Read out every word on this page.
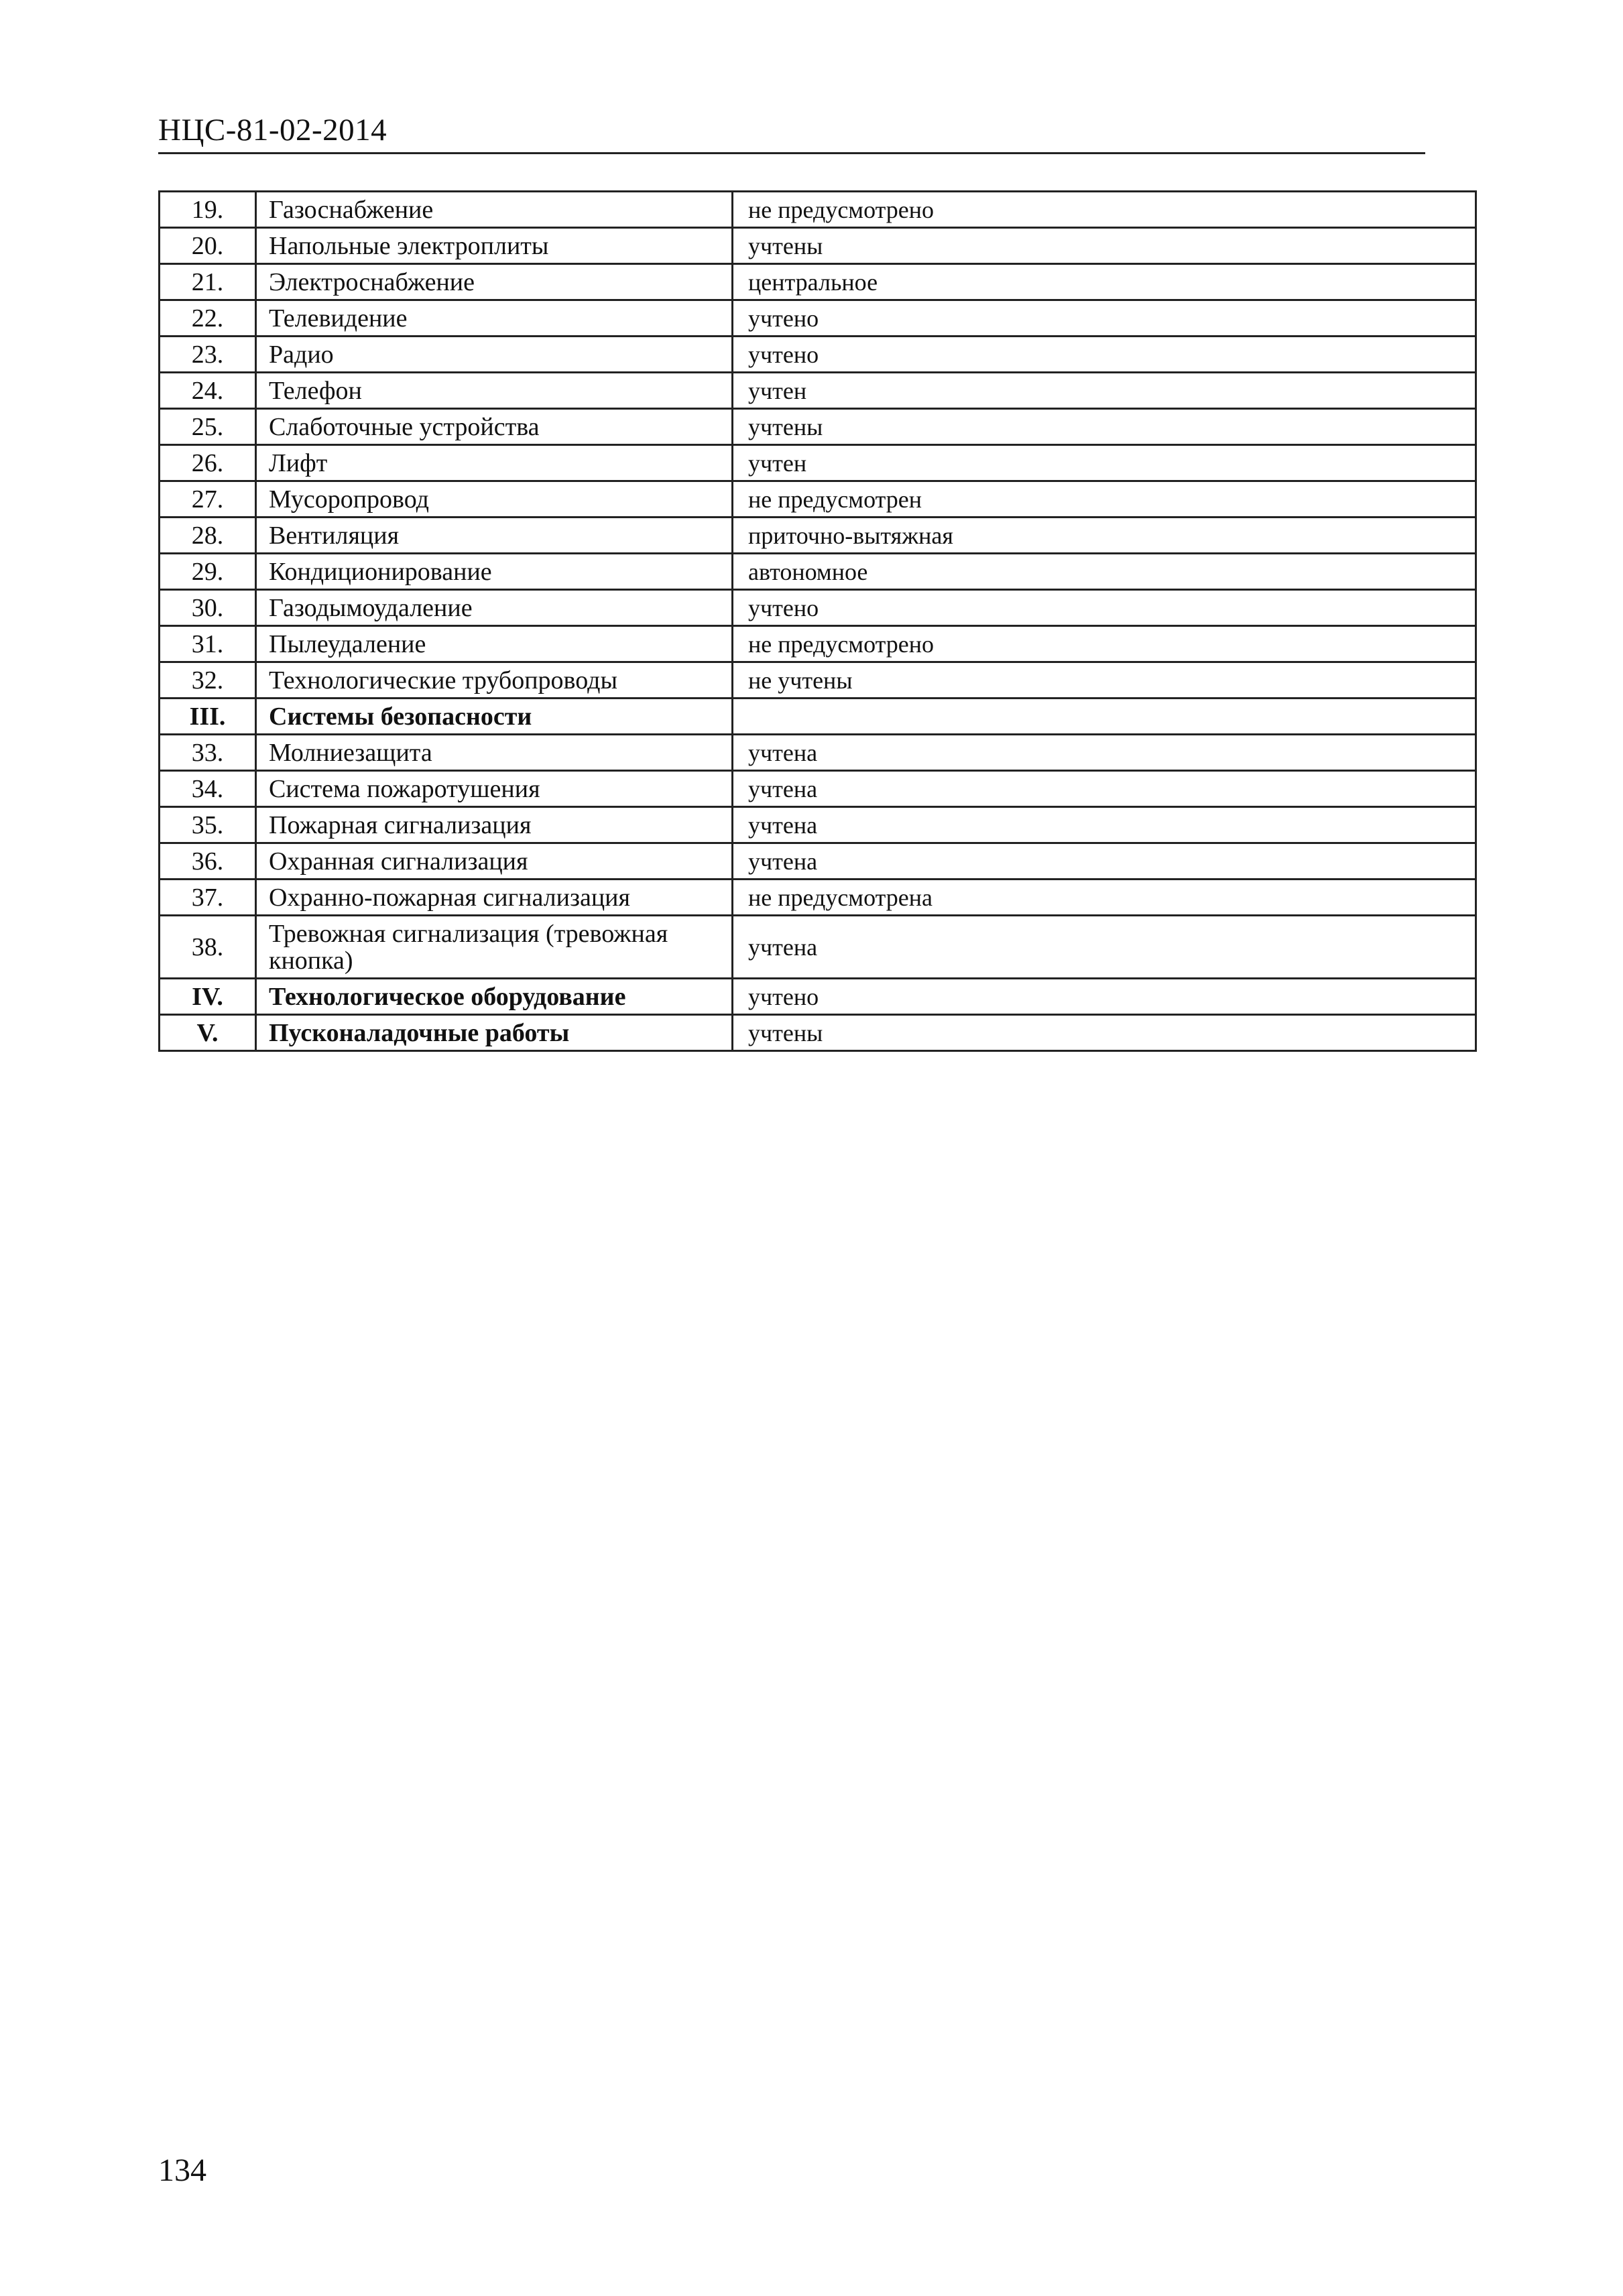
НЦС-81-02-2014
19.	Газоснабжение	не предусмотрено
20.	Напольные электроплиты	учтены
21.	Электроснабжение	центральное
22.	Телевидение	учтено
23.	Радио	учтено
24.	Телефон	учтен
25.	Слаботочные устройства	учтены
26.	Лифт	учтен
27.	Мусоропровод	не предусмотрен
28.	Вентиляция	приточно-вытяжная
29.	Кондиционирование	автономное
30.	Газодымоудаление	учтено
31.	Пылеудаление	не предусмотрено
32.	Технологические трубопроводы	не учтены
III.	Системы безопасности	
33.	Молниезащита	учтена
34.	Система пожаротушения	учтена
35.	Пожарная сигнализация	учтена
36.	Охранная сигнализация	учтена
37.	Охранно-пожарная сигнализация	не предусмотрена
38.	Тревожная сигнализация (тревожная кнопка)	учтена
IV.	Технологическое оборудование	учтено
V.	Пусконаладочные работы	учтены
134
